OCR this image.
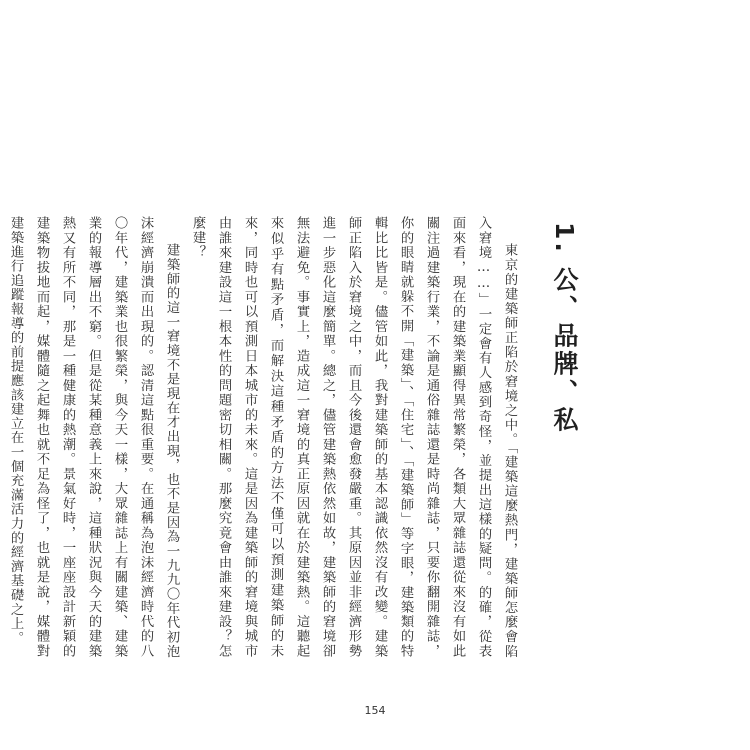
1. 公、品牌、私

東京的建築師正陷於窘境之中。「建築這麼熱門，建築師怎麼會陷入窘境……」一定會有人感到奇怪，並提出這樣的疑問。的確，從表面來看，現在的建築業顯得異常繁榮，各類大眾雜誌還從來沒有如此關注過建築行業，不論是通俗雜誌還是時尚雜誌，只要你翻開雜誌，你的眼睛就躲不開「建築」、「住宅」、「建築師」等字眼，建築類的特輯比比皆是。儘管如此，我對建築師的基本認識依然沒有改變。建築師正陷入於窘境之中，而且今後還會愈發嚴重。其原因並非經濟形勢進一步惡化這麼簡單。總之，儘管建築熱依然如故，建築師的窘境卻無法避免。事實上，造成這一窘境的真正原因就在於建築熱。這聽起來似乎有點矛盾，而解決這種矛盾的方法不僅可以預測建築師的未來，同時也可以預測日本城市的未來。這是因為建築師的窘境與城市由誰來建設這一根本性的問題密切相關。那麼究竟會由誰來建設？怎麼建？

建築師的這一窘境不是現在才出現，也不是因為一九九〇年代初泡沫經濟崩潰而出現的。認清這點很重要。在通稱為泡沫經濟時代的八〇年代，建築業也很繁榮，與今天一樣，大眾雜誌上有關建築、建築業的報導層出不窮。但是從某種意義上來說，這種狀況與今天的建築熱又有所不同，那是一種健康的熱潮。景氣好時，一座座設計新穎的建築物拔地而起，媒體隨之起舞也就不足為怪了，也就是說，媒體對建築進行追蹤報導的前提應該建立在一個充滿活力的經濟基礎之上。

154
